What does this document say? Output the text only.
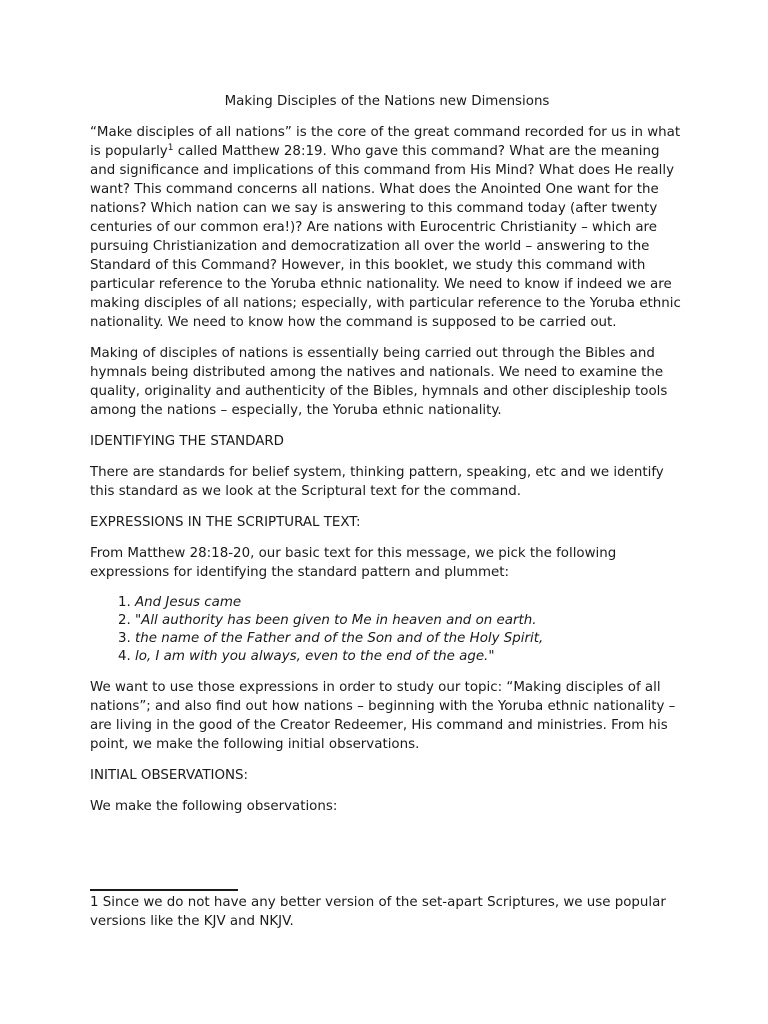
Making Disciples of the Nations new Dimensions

“Make disciples of all nations” is the core of the great command recorded for us in what is popularly$^1$ called Matthew 28:19. Who gave this command? What are the meaning and significance and implications of this command from His Mind? What does He really want? This command concerns all nations. What does the Anointed One want for the nations? Which nation can we say is answering to this command today (after twenty centuries of our common era!)? Are nations with Eurocentric Christianity – which are pursuing Christianization and democratization all over the world – answering to the Standard of this Command? However, in this booklet, we study this command with particular reference to the Yoruba ethnic nationality. We need to know if indeed we are making disciples of all nations; especially, with particular reference to the Yoruba ethnic nationality. We need to know how the command is supposed to be carried out.

Making of disciples of nations is essentially being carried out through the Bibles and hymnals being distributed among the natives and nationals. We need to examine the quality, originality and authenticity of the Bibles, hymnals and other discipleship tools among the nations – especially, the Yoruba ethnic nationality.

IDENTIFYING THE STANDARD

There are standards for belief system, thinking pattern, speaking, etc and we identify this standard as we look at the Scriptural text for the command.

EXPRESSIONS IN THE SCRIPTURAL TEXT:

From Matthew 28:18-20, our basic text for this message, we pick the following expressions for identifying the standard pattern and plummet:

1. And Jesus came
2. "All authority has been given to Me in heaven and on earth.
3. the name of the Father and of the Son and of the Holy Spirit,
4. lo, I am with you always, even to the end of the age."

We want to use those expressions in order to study our topic: “Making disciples of all nations”; and also find out how nations – beginning with the Yoruba ethnic nationality – are living in the good of the Creator Redeemer, His command and ministries. From his point, we make the following initial observations.

INITIAL OBSERVATIONS:

We make the following observations:

1 Since we do not have any better version of the set-apart Scriptures, we use popular versions like the KJV and NKJV.
